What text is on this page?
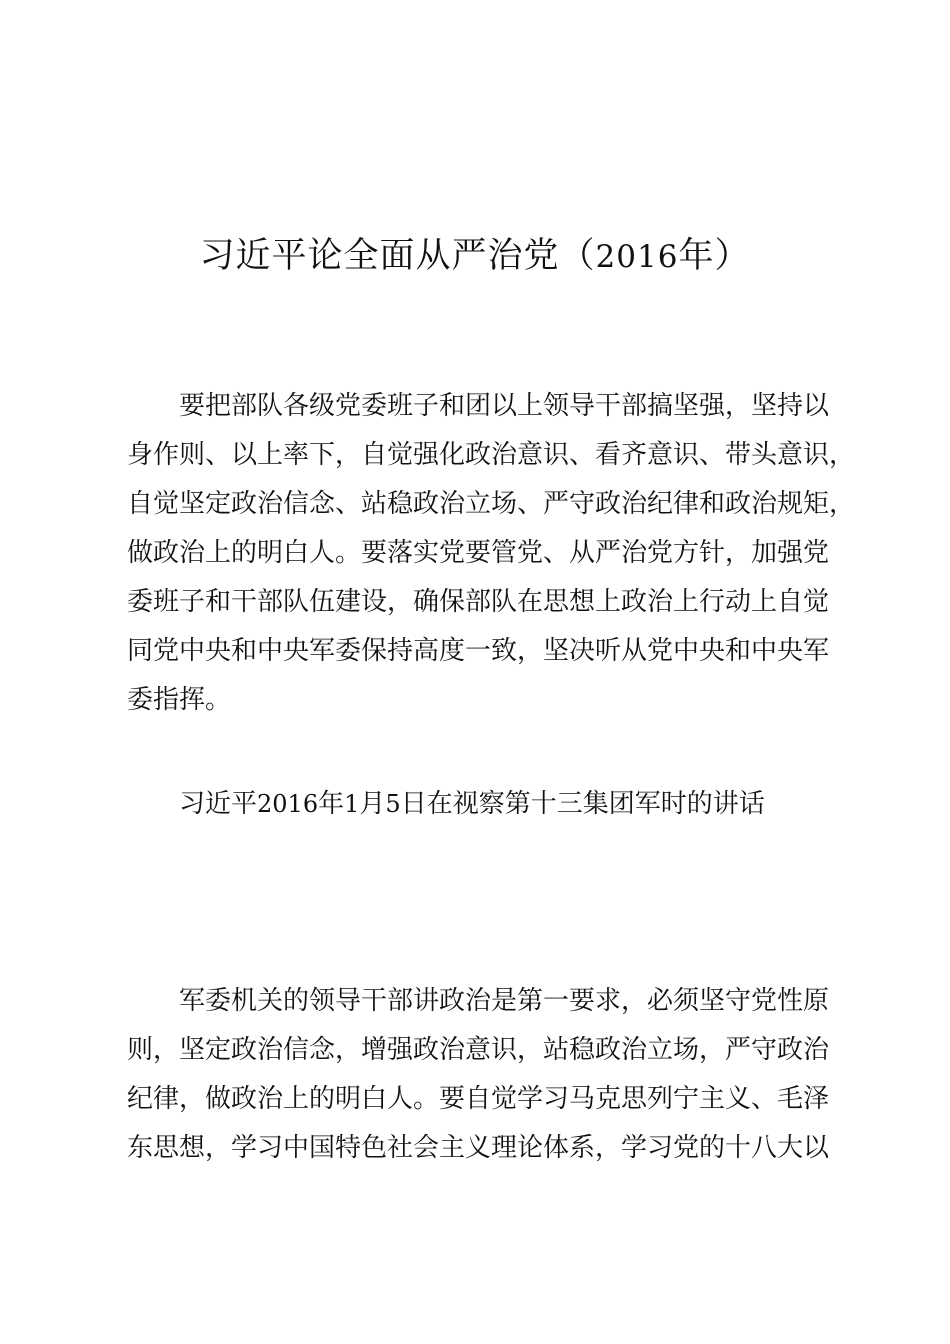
习近平论全面从严治党（2016年）
要把部队各级党委班子和团以上领导干部搞坚强，坚持以
身作则、以上率下，自觉强化政治意识、看齐意识、带头意识，
自觉坚定政治信念、站稳政治立场、严守政治纪律和政治规矩，
做政治上的明白人。要落实党要管党、从严治党方针，加强党
委班子和干部队伍建设，确保部队在思想上政治上行动上自觉
同党中央和中央军委保持高度一致，坚决听从党中央和中央军
委指挥。
习近平2016年1月5日在视察第十三集团军时的讲话
军委机关的领导干部讲政治是第一要求，必须坚守党性原
则，坚定政治信念，增强政治意识，站稳政治立场，严守政治
纪律，做政治上的明白人。要自觉学习马克思列宁主义、毛泽
东思想，学习中国特色社会主义理论体系，学习党的十八大以
